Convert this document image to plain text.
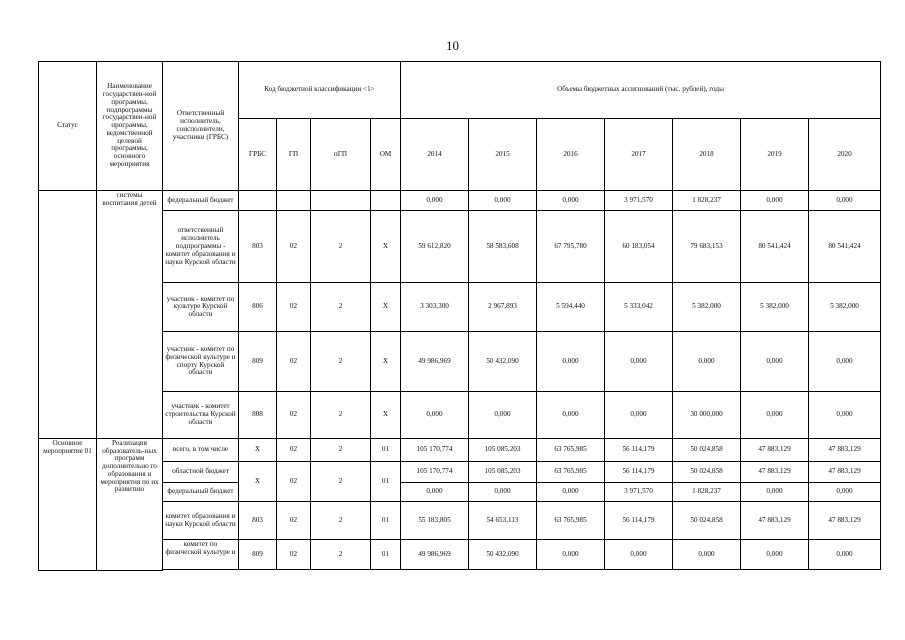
10
Статус	Наименование государствен-ной программы, подпрограммы государствен-ной программы, ведомственной целевой программы, основного мероприятия	Ответственный исполнитель, соисполнители, участники (ГРБС)	Код бюджетной классификации <1>				Объемы бюджетных ассигнований (тыс. рублей), годы						
			ГРБС	ГП	пГП	ОМ	2014	2015	2016	2017	2018	2019	2020
	системы воспитания детей	федеральный бюджет					0,000	0,000	0,000	3 971,570	1 828,237	0,000	0,000
		ответственный исполнитель подпрограммы - комитет образования и науки Курской области	803	02	2	X	59 612,820	58 583,608	67 795,780	60 183,054	79 683,153	80 541,424	80 541,424
		участник - комитет по культуре Курской области	806	02	2	X	3 303,300	2 967,893	5 594,440	5 333,042	5 382,000	5 382,000	5 382,000
		участник - комитет по физической культуре и спорту Курской области	809	02	2	X	49 986,969	50 432,090	0,000	0,000	0,000	0,000	0,000
		участник - комитет строительства Курской области	808	02	2	X	0,000	0,000	0,000	0,000	30 000,000	0,000	0,000
Основное мероприятие 01	Реализация образователь-ных программ дополнительно го образования и мероприятия по их развитию	всего, в том числе	X	02	2	01	105 170,774	105 085,203	63 765,985	56 114,179	50 024,858	47 883,129	47 883,129
		областной бюджет	X	02	2	01	105 170,774	105 085,203	63 765,985	56 114,179	50 024,858	47 883,129	47 883,129
		федеральный бюджет					0,000	0,000	0,000	3 971,570	1 828,237	0,000	0,000
		комитет образования и науки Курской области	803	02	2	01	55 183,805	54 653,113	63 765,985	56 114,179	50 024,858	47 883,129	47 883,129
		комитет по физической культуре и	809	02	2	01	49 986,969	50 432,090	0,000	0,000	0,000	0,000	0,000
